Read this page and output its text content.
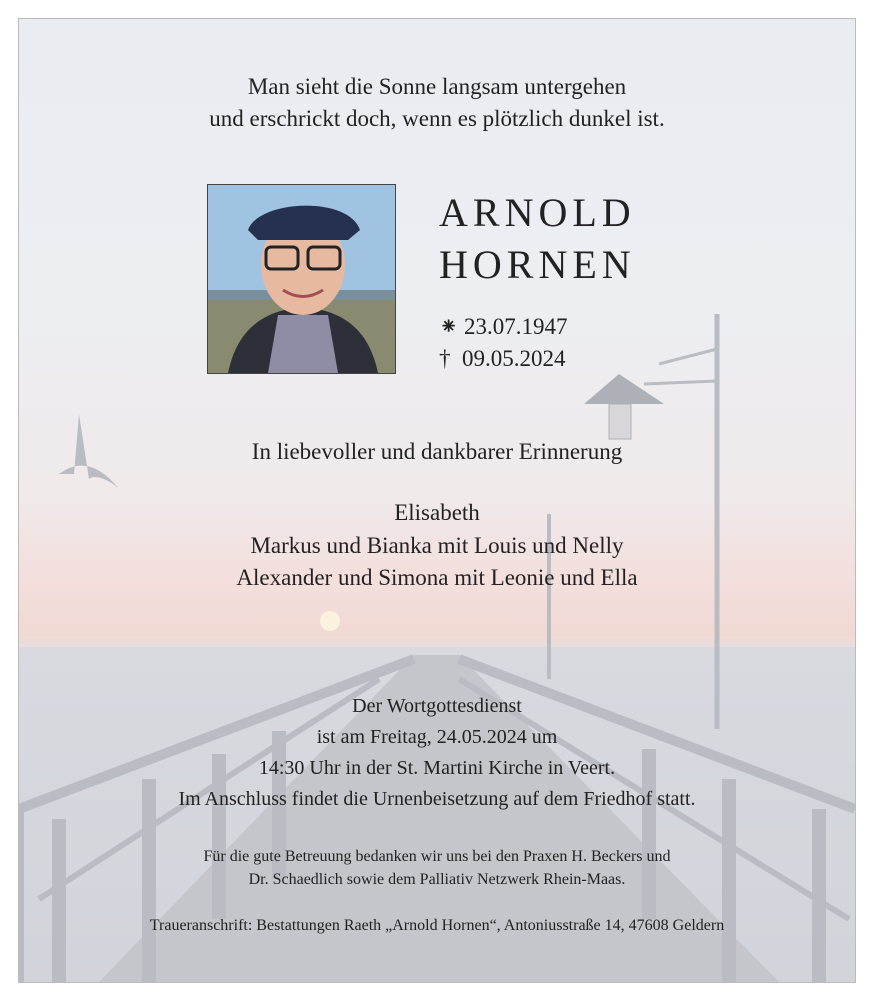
Man sieht die Sonne langsam untergehen
und erschrickt doch, wenn es plötzlich dunkel ist.
ARNOLD
HORNEN
⁕ 23.07.1947
† 09.05.2024
In liebevoller und dankbarer Erinnerung
Elisabeth
Markus und Bianka mit Louis und Nelly
Alexander und Simona mit Leonie und Ella
Der Wortgottesdienst
ist am Freitag, 24.05.2024 um
14:30 Uhr in der St. Martini Kirche in Veert.
Im Anschluss findet die Urnenbeisetzung auf dem Friedhof statt.
Für die gute Betreuung bedanken wir uns bei den Praxen H. Beckers und
Dr. Schaedlich sowie dem Palliativ Netzwerk Rhein-Maas.
Traueranschrift: Bestattungen Raeth „Arnold Hornen“, Antoniusstraße 14, 47608 Geldern
